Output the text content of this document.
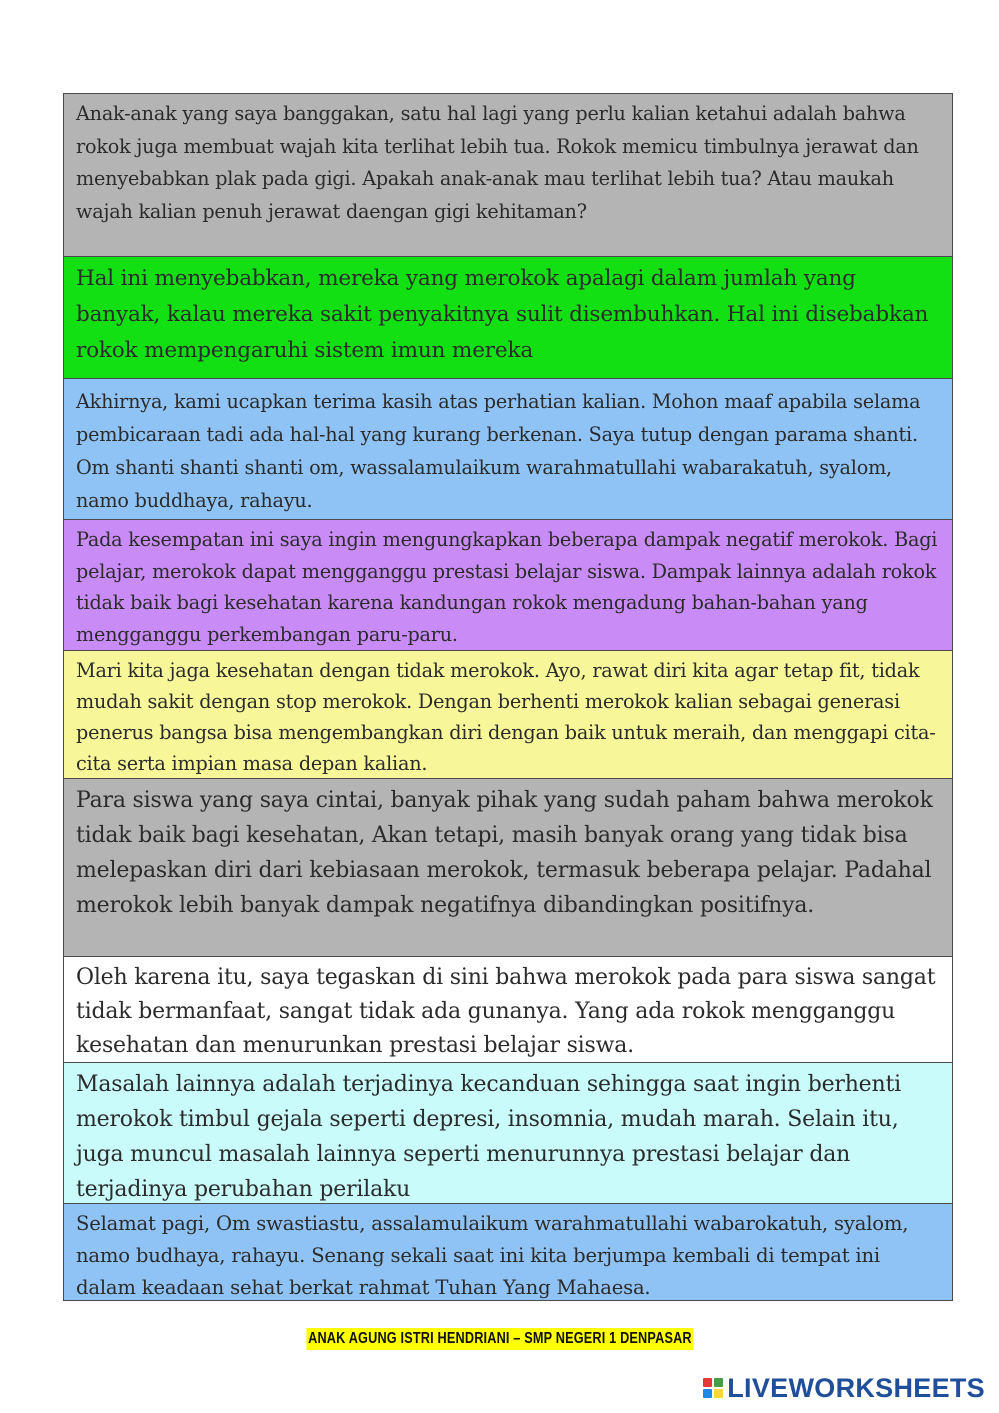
Anak-anak yang saya banggakan, satu hal lagi yang perlu kalian ketahui adalah bahwa rokok juga membuat wajah kita terlihat lebih tua. Rokok memicu timbulnya jerawat dan menyebabkan plak pada gigi. Apakah anak-anak mau terlihat lebih tua? Atau maukah wajah kalian penuh jerawat daengan gigi kehitaman?

Hal ini menyebabkan, mereka yang merokok apalagi dalam jumlah yang banyak, kalau mereka sakit penyakitnya sulit disembuhkan. Hal ini disebabkan rokok mempengaruhi sistem imun mereka

Akhirnya, kami ucapkan terima kasih atas perhatian kalian. Mohon maaf apabila selama pembicaraan tadi ada hal-hal yang kurang berkenan. Saya tutup dengan parama shanti. Om shanti shanti shanti om, wassalamulaikum warahmatullahi wabarakatuh, syalom, namo buddhaya, rahayu.

Pada kesempatan ini saya ingin mengungkapkan beberapa dampak negatif merokok. Bagi pelajar, merokok dapat mengganggu prestasi belajar siswa. Dampak lainnya adalah rokok tidak baik bagi kesehatan karena kandungan rokok mengadung bahan-bahan yang mengganggu perkembangan paru-paru.

Mari kita jaga kesehatan dengan tidak merokok. Ayo, rawat diri kita agar tetap fit, tidak mudah sakit dengan stop merokok. Dengan berhenti merokok kalian sebagai generasi penerus bangsa bisa mengembangkan diri dengan baik untuk meraih, dan menggapi cita-cita serta impian masa depan kalian.

Para siswa yang saya cintai, banyak pihak yang sudah paham bahwa merokok tidak baik bagi kesehatan, Akan tetapi, masih banyak orang yang tidak bisa melepaskan diri dari kebiasaan merokok, termasuk beberapa pelajar. Padahal merokok lebih banyak dampak negatifnya dibandingkan positifnya.

Oleh karena itu, saya tegaskan di sini bahwa merokok pada para siswa sangat tidak bermanfaat, sangat tidak ada gunanya. Yang ada rokok mengganggu kesehatan dan menurunkan prestasi belajar siswa.

Masalah lainnya adalah terjadinya kecanduan sehingga saat ingin berhenti merokok timbul gejala seperti depresi, insomnia, mudah marah. Selain itu, juga muncul masalah lainnya seperti menurunnya prestasi belajar dan terjadinya perubahan perilaku

Selamat pagi, Om swastiastu, assalamulaikum warahmatullahi wabarokatuh, syalom, namo budhaya, rahayu. Senang sekali saat ini kita berjumpa kembali di tempat ini dalam keadaan sehat berkat rahmat Tuhan Yang Mahaesa.

ANAK AGUNG ISTRI HENDRIANI – SMP NEGERI 1 DENPASAR
LIVEWORKSHEETS
